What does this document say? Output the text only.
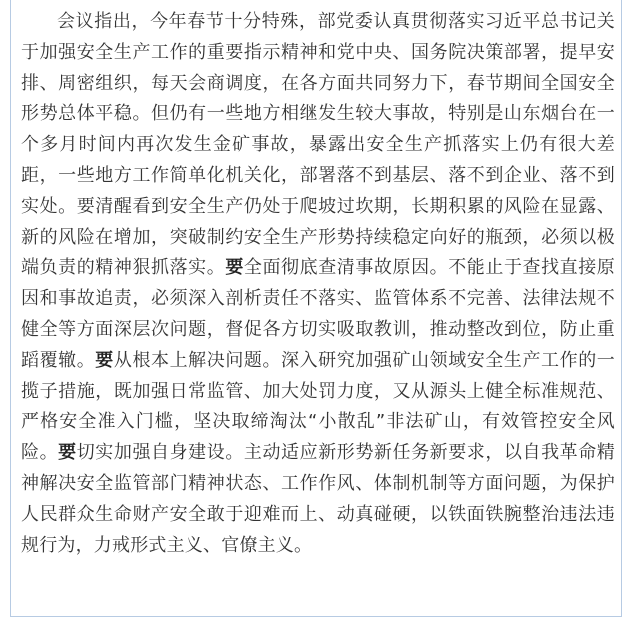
会议指出，今年春节十分特殊，部党委认真贯彻落实习近平总书记关于加强安全生产工作的重要指示精神和党中央、国务院决策部署，提早安排、周密组织，每天会商调度，在各方面共同努力下，春节期间全国安全形势总体平稳。但仍有一些地方相继发生较大事故，特别是山东烟台在一个多月时间内再次发生金矿事故，暴露出安全生产抓落实上仍有很大差距，一些地方工作简单化机关化，部署落不到基层、落不到企业、落不到实处。要清醒看到安全生产仍处于爬坡过坎期，长期积累的风险在显露、新的风险在增加，突破制约安全生产形势持续稳定向好的瓶颈，必须以极端负责的精神狠抓落实。要全面彻底查清事故原因。不能止于查找直接原因和事故追责，必须深入剖析责任不落实、监管体系不完善、法律法规不健全等方面深层次问题，督促各方切实吸取教训，推动整改到位，防止重蹈覆辙。要从根本上解决问题。深入研究加强矿山领域安全生产工作的一揽子措施，既加强日常监管、加大处罚力度，又从源头上健全标准规范、严格安全准入门槛，坚决取缔淘汰“小散乱”非法矿山，有效管控安全风险。要切实加强自身建设。主动适应新形势新任务新要求，以自我革命精神解决安全监管部门精神状态、工作作风、体制机制等方面问题，为保护人民群众生命财产安全敢于迎难而上、动真碰硬，以铁面铁腕整治违法违规行为，力戒形式主义、官僚主义。
